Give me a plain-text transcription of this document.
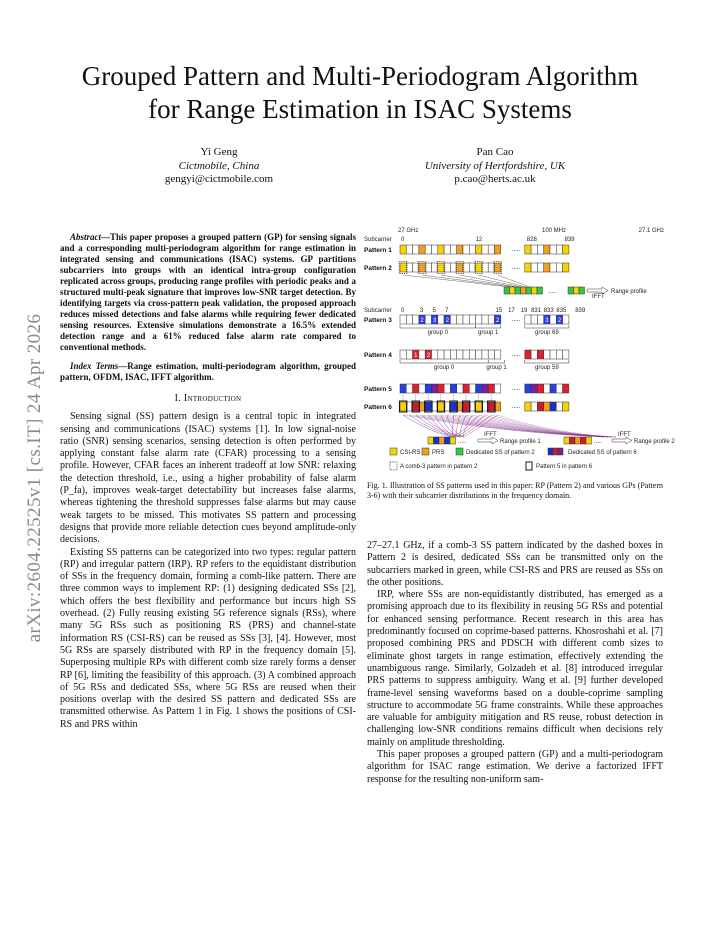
arXiv:2604.22525v1 [cs.IT] 24 Apr 2026
Grouped Pattern and Multi-Periodogram Algorithm
for Range Estimation in ISAC Systems
Yi Geng
Cictmobile, China
gengyi@cictmobile.com
Pan Cao
University of Hertfordshire, UK
p.cao@herts.ac.uk

Abstract—This paper proposes a grouped pattern (GP) for sensing signals and a corresponding multi-periodogram algorithm for range estimation in integrated sensing and communications (ISAC) systems. GP partitions subcarriers into groups with an identical intra-group configuration replicated across groups, producing range profiles with periodic peaks and a structured multi-peak signature that improves low-SNR target detection. By identifying targets via cross-pattern peak validation, the proposed approach reduces missed detections and false alarms while requiring fewer dedicated sensing resources. Extensive simulations demonstrate a 16.5% extended detection range and a 61% reduced false alarm rate compared to conventional methods.

Index Terms—Range estimation, multi-periodogram algorithm, grouped pattern, OFDM, ISAC, IFFT algorithm.

I. Introduction

Sensing signal (SS) pattern design is a central topic in integrated sensing and communications (ISAC) systems [1]. In low signal-noise ratio (SNR) sensing scenarios, sensing detection is often performed by applying constant false alarm rate (CFAR) processing to a sensing profile. However, CFAR faces an inherent tradeoff at low SNR: relaxing the detection threshold, i.e., using a higher probability of false alarm (P_fa), improves weak-target detectability but increases false alarms, whereas tightening the threshold suppresses false alarms but may cause weak targets to be missed. This motivates SS pattern and processing designs that provide more reliable detection cues beyond amplitude-only decisions.

Existing SS patterns can be categorized into two types: regular pattern (RP) and irregular pattern (IRP). RP refers to the equidistant distribution of SSs in the frequency domain, forming a comb-like pattern. There are three common ways to implement RP: (1) designing dedicated SSs [2], which offers the best flexibility and performance but incurs high SS overhead. (2) Fully reusing existing 5G reference signals (RSs), where many 5G RSs such as positioning RS (PRS) and channel-state information RS (CSI-RS) can be reused as SSs [3], [4]. However, most 5G RSs are sparsely distributed with RP in the frequency domain [5]. Superposing multiple RPs with different comb size rarely forms a denser RP [6], limiting the feasibility of this approach. (3) A combined approach of 5G RSs and dedicated SSs, where 5G RSs are reused when their positions overlap with the desired SS pattern and dedicated SSs are transmitted otherwise. As Pattern 1 in Fig. 1 shows the positions of CSI-RS and PRS within

27 GHz	100 MHz	27.1 GHz
Subcarrier 0	12	828	839
Pattern 1	.....
Pattern 2	.....
.....
IFFT
Range profile
Subcarrier 0	3 5 7	15 17 19 831 833 835 839
Pattern 3	.....
2 3 2	2 3	2 3 2
group 0	group 1	group 69
Pattern 4	.....
1 2	1 2
group 0	group 1	group 59
Pattern 5	.....
Pattern 6	.....
.....
IFFT
Range profile 1	.....
IFFT
Range profile 2
CSI-RS PRS	Dedicated SS of pattern 2	Dedicated SS of pattern 6
A comb-3 pattern in pattern 2	Pattern 5 in pattern 6
Fig. 1. Illustration of SS patterns used in this paper: RP (Pattern 2) and various GPs (Pattern 3-6) with their subcarrier distributions in the frequency domain.

27–27.1 GHz, if a comb-3 SS pattern indicated by the dashed boxes in Pattern 2 is desired, dedicated SSs can be transmitted only on the subcarriers marked in green, while CSI-RS and PRS are reused as SSs on the other positions.

IRP, where SSs are non-equidistantly distributed, has emerged as a promising approach due to its flexibility in reusing 5G RSs and potential for enhanced sensing performance. Recent research in this area has predominantly focused on coprime-based patterns. Khosroshahi et al. [7] proposed combining PRS and PDSCH with different comb sizes to eliminate ghost targets in range estimation, effectively extending the unambiguous range. Similarly, Golzadeh et al. [8] introduced irregular PRS patterns to suppress ambiguity. Wang et al. [9] further developed frame-level sensing waveforms based on a double-coprime sampling structure to accommodate 5G frame constraints. While these approaches are valuable for ambiguity mitigation and RS reuse, robust detection in challenging low-SNR conditions remains difficult when decisions rely mainly on amplitude thresholding.

This paper proposes a grouped pattern (GP) and a multi-periodogram algorithm for ISAC range estimation. We derive a factorized IFFT response for the resulting non-uniform sam-
